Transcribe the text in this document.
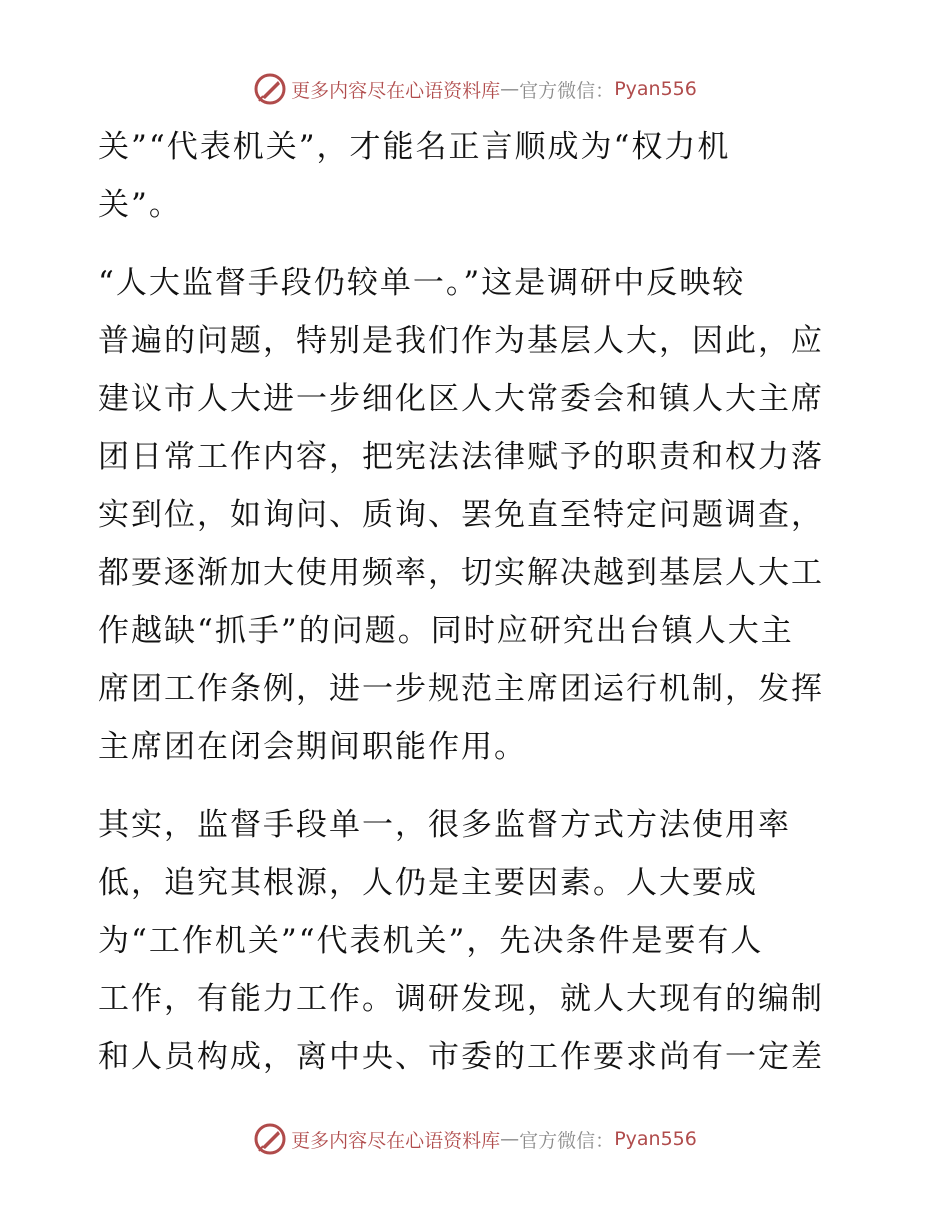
更多内容尽在心语资料库 — 官方微信： Pyan556

关”“代表机关”，才能名正言顺成为“权力机
关”。

“人大监督手段仍较单一。”这是调研中反映较
普遍的问题，特别是我们作为基层人大，因此，应
建议市人大进一步细化区人大常委会和镇人大主席
团日常工作内容，把宪法法律赋予的职责和权力落
实到位，如询问、质询、罢免直至特定问题调查，
都要逐渐加大使用频率，切实解决越到基层人大工
作越缺“抓手”的问题。同时应研究出台镇人大主
席团工作条例，进一步规范主席团运行机制，发挥
主席团在闭会期间职能作用。

其实，监督手段单一，很多监督方式方法使用率
低，追究其根源，人仍是主要因素。人大要成
为“工作机关”“代表机关”，先决条件是要有人
工作，有能力工作。调研发现，就人大现有的编制
和人员构成，离中央、市委的工作要求尚有一定差

更多内容尽在心语资料库 — 官方微信： Pyan556
